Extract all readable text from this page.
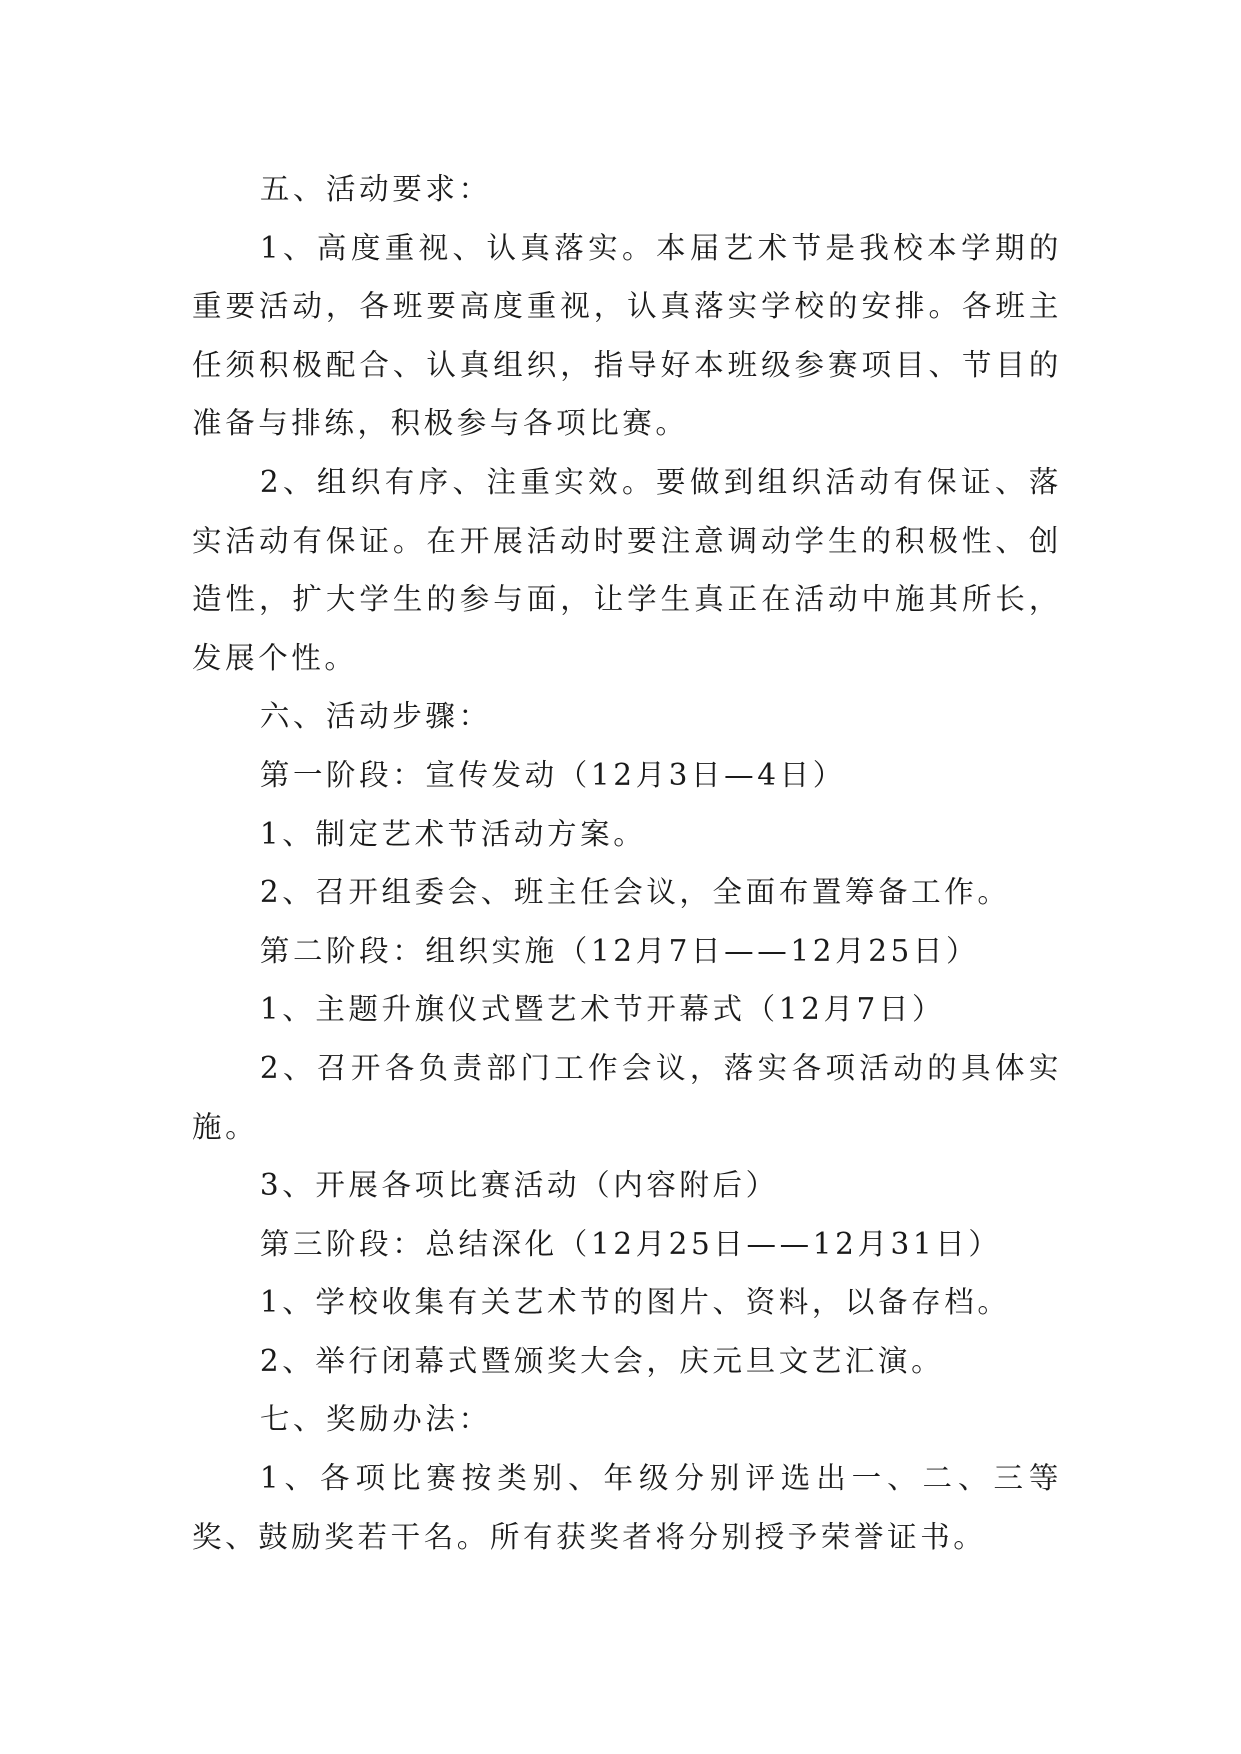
五、活动要求：

1、高度重视、认真落实。本届艺术节是我校本学期的重要活动，各班要高度重视，认真落实学校的安排。各班主任须积极配合、认真组织，指导好本班级参赛项目、节目的准备与排练，积极参与各项比赛。

2、组织有序、注重实效。要做到组织活动有保证、落实活动有保证。在开展活动时要注意调动学生的积极性、创造性，扩大学生的参与面，让学生真正在活动中施其所长，发展个性。

六、活动步骤：

第一阶段：宣传发动（12月3日—4日）

1、制定艺术节活动方案。

2、召开组委会、班主任会议，全面布置筹备工作。

第二阶段：组织实施（12月7日——12月25日）

1、主题升旗仪式暨艺术节开幕式（12月7日）

2、召开各负责部门工作会议，落实各项活动的具体实施。

3、开展各项比赛活动（内容附后）

第三阶段：总结深化（12月25日——12月31日）

1、学校收集有关艺术节的图片、资料，以备存档。

2、举行闭幕式暨颁奖大会，庆元旦文艺汇演。

七、奖励办法：

1、各项比赛按类别、年级分别评选出一、二、三等奖、鼓励奖若干名。所有获奖者将分别授予荣誉证书。
